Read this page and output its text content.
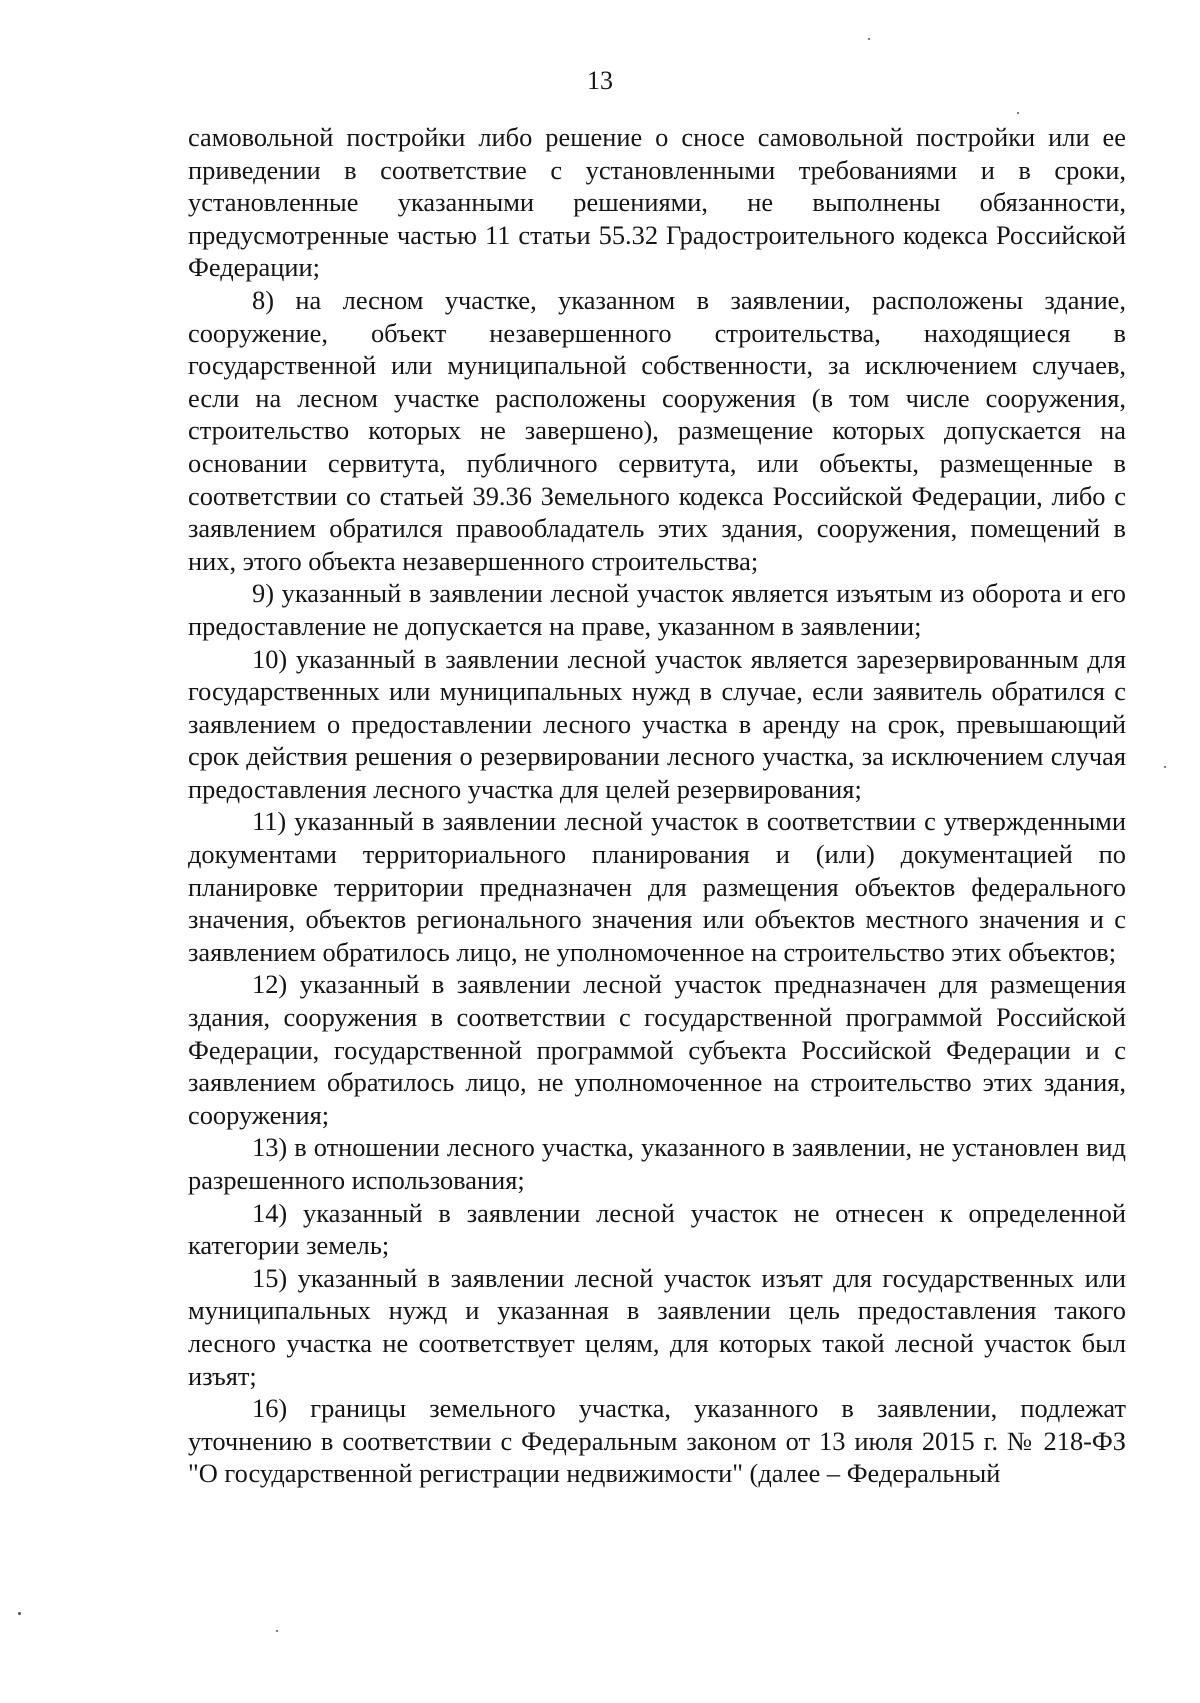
13

самовольной постройки либо решение о сносе самовольной постройки или ее приведении в соответствие с установленными требованиями и в сроки, установленные указанными решениями, не выполнены обязанности, предусмотренные частью 11 статьи 55.32 Градостроительного кодекса Российской Федерации;

8) на лесном участке, указанном в заявлении, расположены здание, сооружение, объект незавершенного строительства, находящиеся в государственной или муниципальной собственности, за исключением случаев, если на лесном участке расположены сооружения (в том числе сооружения, строительство которых не завершено), размещение которых допускается на основании сервитута, публичного сервитута, или объекты, размещенные в соответствии со статьей 39.36 Земельного кодекса Российской Федерации, либо с заявлением обратился правообладатель этих здания, сооружения, помещений в них, этого объекта незавершенного строительства;

9) указанный в заявлении лесной участок является изъятым из оборота и его предоставление не допускается на праве, указанном в заявлении;

10) указанный в заявлении лесной участок является зарезервированным для государственных или муниципальных нужд в случае, если заявитель обратился с заявлением о предоставлении лесного участка в аренду на срок, превышающий срок действия решения о резервировании лесного участка, за исключением случая предоставления лесного участка для целей резервирования;

11) указанный в заявлении лесной участок в соответствии с утвержденными документами территориального планирования и (или) документацией по планировке территории предназначен для размещения объектов федерального значения, объектов регионального значения или объектов местного значения и с заявлением обратилось лицо, не уполномоченное на строительство этих объектов;

12) указанный в заявлении лесной участок предназначен для размещения здания, сооружения в соответствии с государственной программой Российской Федерации, государственной программой субъекта Российской Федерации и с заявлением обратилось лицо, не уполномоченное на строительство этих здания, сооружения;

13) в отношении лесного участка, указанного в заявлении, не установлен вид разрешенного использования;

14) указанный в заявлении лесной участок не отнесен к определенной категории земель;

15) указанный в заявлении лесной участок изъят для государственных или муниципальных нужд и указанная в заявлении цель предоставления такого лесного участка не соответствует целям, для которых такой лесной участок был изъят;

16) границы земельного участка, указанного в заявлении, подлежат уточнению в соответствии с Федеральным законом от 13 июля 2015 г. № 218-ФЗ "О государственной регистрации недвижимости" (далее – Федеральный
